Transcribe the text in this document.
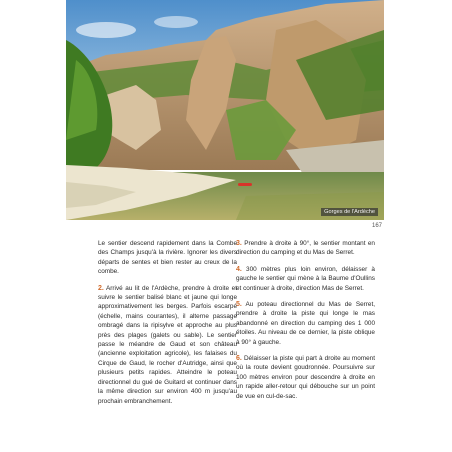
Gorges de l'Ardèche
167

Le sentier descend rapidement dans la Combe des Champs jusqu'à la rivière. Ignorer les divers départs de sentes et bien rester au creux de la combe.

2. Arrivé au lit de l'Ardèche, prendre à droite et suivre le sentier balisé blanc et jaune qui longe approximativement les berges. Parfois escarpé (échelle, mains courantes), il alterne passage ombragé dans la ripisylve et approche au plus près des plages (galets ou sable). Le sentier passe le méandre de Gaud et son château (ancienne exploitation agricole), les falaises du Cirque de Gaud, le rocher d'Autridge, ainsi que plusieurs petits rapides. Atteindre le poteau directionnel du gué de Guitard et continuer dans la même direction sur environ 400 m jusqu'au prochain embranchement.

3. Prendre à droite à 90°, le sentier montant en direction du camping et du Mas de Serret.

4. 300 mètres plus loin environ, délaisser à gauche le sentier qui mène à la Baume d'Oullins et continuer à droite, direction Mas de Serret.

5. Au poteau directionnel du Mas de Serret, prendre à droite la piste qui longe le mas abandonné en direction du camping des 1 000 étoiles. Au niveau de ce dernier, la piste oblique à 90° à gauche.

6. Délaisser la piste qui part à droite au moment où la route devient goudronnée. Poursuivre sur 100 mètres environ pour descendre à droite en un rapide aller-retour qui débouche sur un point de vue en cul-de-sac.
